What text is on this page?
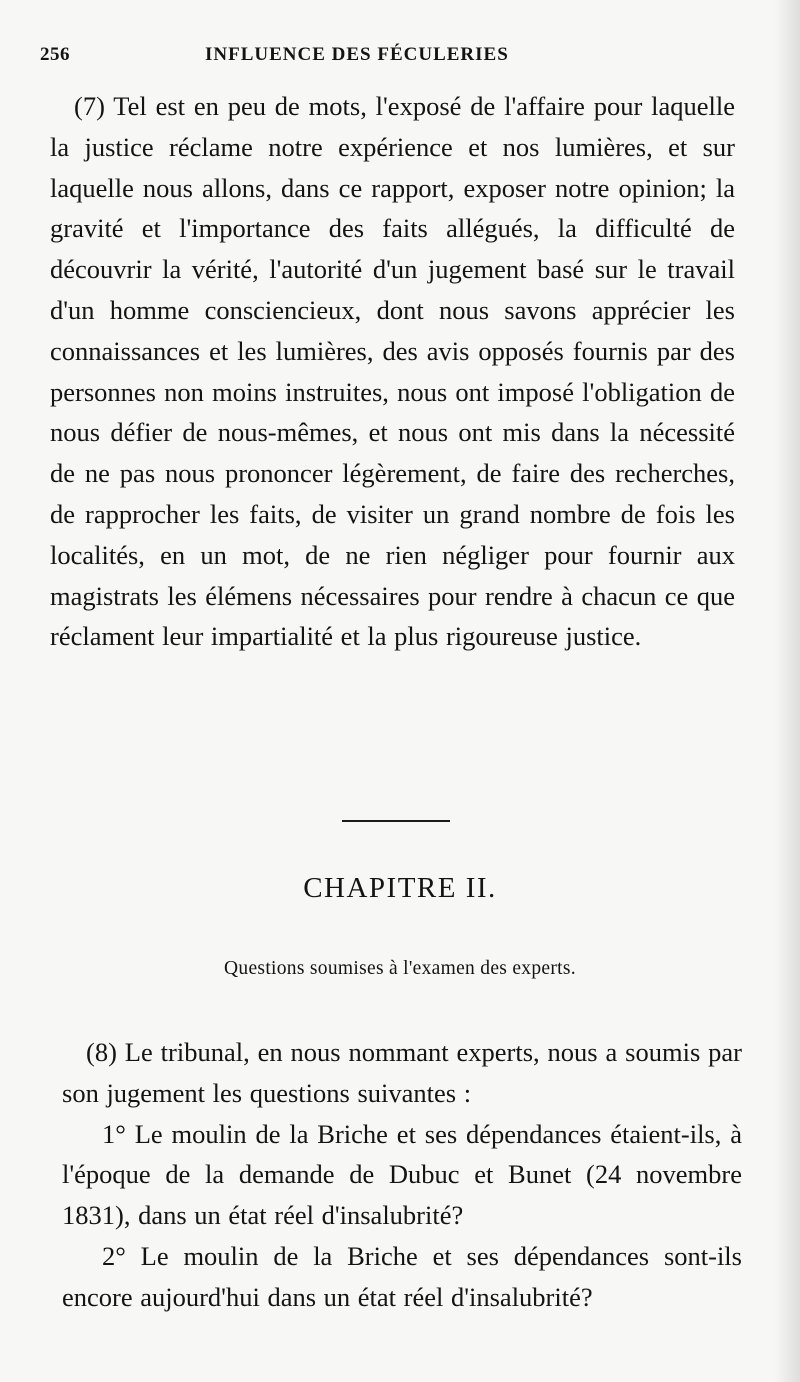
256	INFLUENCE DES FÉCULERIES

(7) Tel est en peu de mots, l'exposé de l'affaire pour laquelle la justice réclame notre expérience et nos lumières, et sur laquelle nous allons, dans ce rapport, exposer notre opinion; la gravité et l'importance des faits allégués, la difficulté de découvrir la vérité, l'autorité d'un jugement basé sur le travail d'un homme consciencieux, dont nous savons apprécier les connaissances et les lumières, des avis opposés fournis par des personnes non moins instruites, nous ont imposé l'obligation de nous défier de nous-mêmes, et nous ont mis dans la nécessité de ne pas nous prononcer légèrement, de faire des recherches, de rapprocher les faits, de visiter un grand nombre de fois les localités, en un mot, de ne rien négliger pour fournir aux magistrats les élémens nécessaires pour rendre à chacun ce que réclament leur impartialité et la plus rigoureuse justice.

CHAPITRE II.
Questions soumises à l'examen des experts.

(8) Le tribunal, en nous nommant experts, nous a soumis par son jugement les questions suivantes :

1° Le moulin de la Briche et ses dépendances étaient-ils, à l'époque de la demande de Dubuc et Bunet (24 novembre 1831), dans un état réel d'insalubrité?

2° Le moulin de la Briche et ses dépendances sont-ils encore aujourd'hui dans un état réel d'insalubrité?
